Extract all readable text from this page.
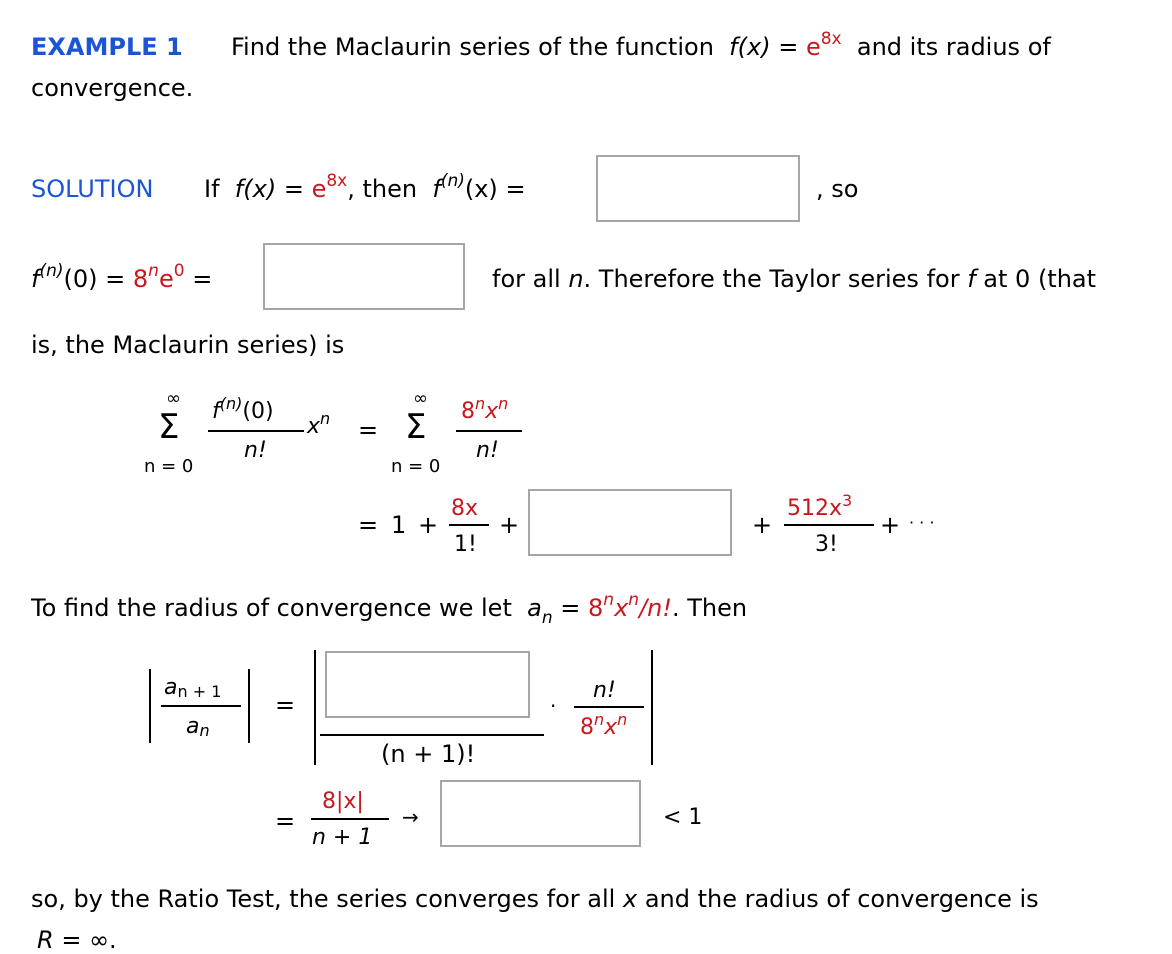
EXAMPLE 1 Find the Maclaurin series of the function $f(x) = e^{8x}$ and its radius of
convergence.
SOLUTION If $f(x) = e^{8x}$, then $f^{(n)}(x)$ =	, so
$f^{(n)}(0) = 8^ne^0$ =	for all n. Therefore the Taylor series for f at 0 (that
is, the Maclaurin series) is
∞
Σ
n = 0
$f^{(n)}(0)$
n!
$x^n$ =
∞
Σ
n = 0
$8^nx^n$
n!
= 1 +
8x
1!
+	+
$512x^3$
3!
+ · · ·
To find the radius of convergence we let $a_n = 8^nx^n/n$!. Then
$a_{n + 1}$
$a_n$
=
(n + 1)!
·
n!
$8^nx^n$
=
8|x|
n + 1
→	< 1
so, by the Ratio Test, the series converges for all x and the radius of convergence is
R = ∞.
